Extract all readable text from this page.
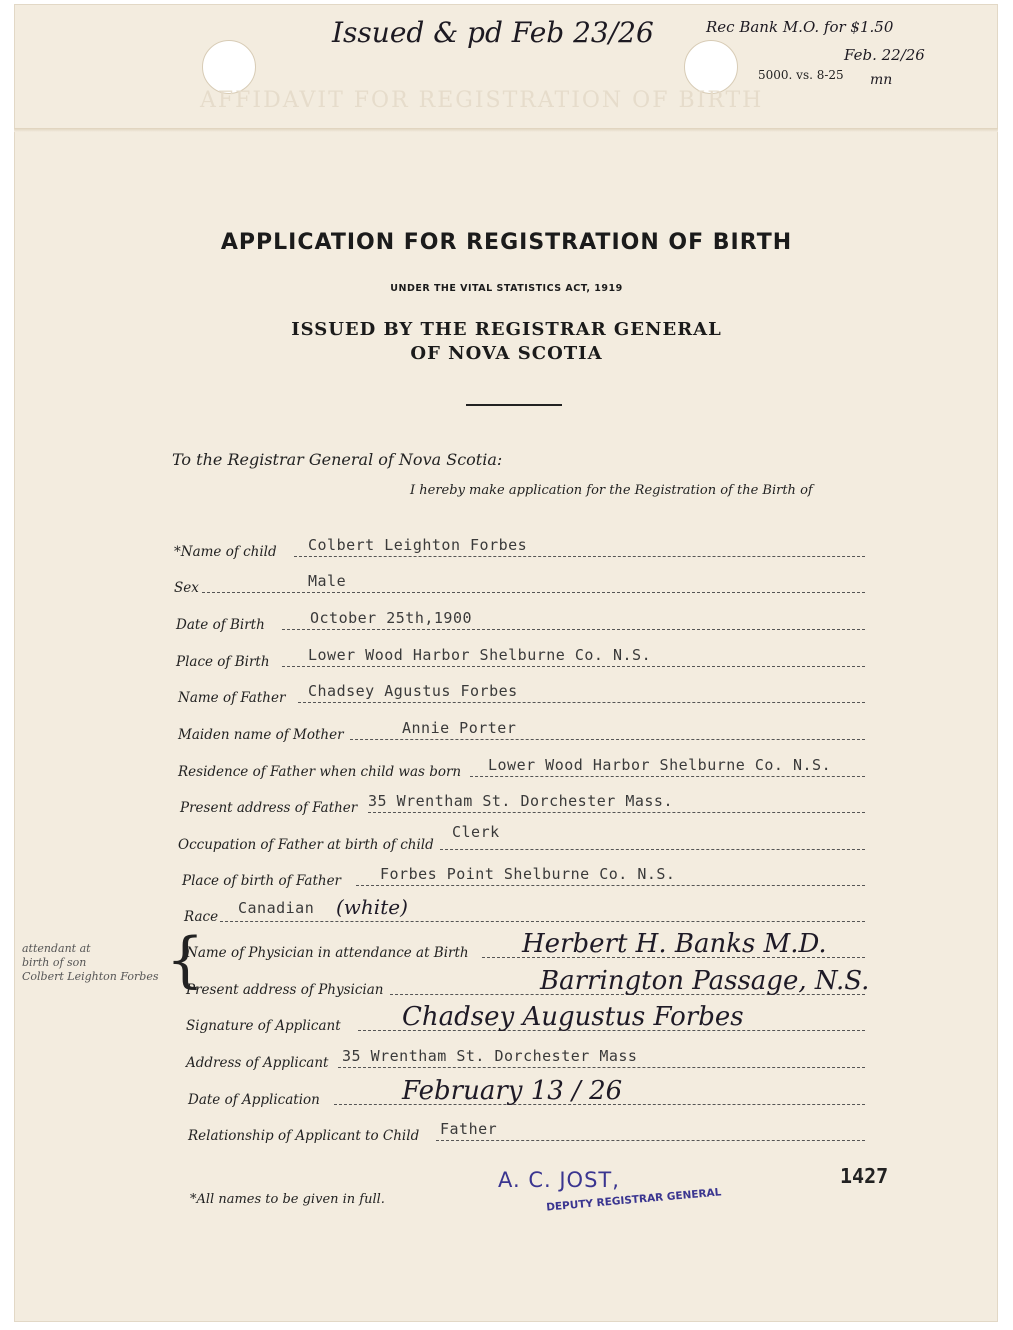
AFFIDAVIT FOR REGISTRATION OF BIRTH
Issued & pd Feb 23/26	Rec Bank M.O. for $1.50
Feb. 22/26
mn
5000. vs. 8-25
APPLICATION FOR REGISTRATION OF BIRTH
UNDER THE VITAL STATISTICS ACT, 1919
ISSUED BY THE REGISTRAR GENERAL
OF NOVA SCOTIA
To the Registrar General of Nova Scotia:
I hereby make application for the Registration of the Birth of
*Name of child Colbert Leighton Forbes
Sex	Male
Date of Birth	October 25th,1900
Place of Birth	Lower Wood Harbor Shelburne Co. N.S.
Name of Father Chadsey Agustus Forbes
Maiden name of Mother	Annie Porter
Residence of Father when child was born Lower Wood Harbor Shelburne Co. N.S.
Present address of Father 35 Wrentham St. Dorchester Mass.
Occupation of Father at birth of child
Clerk
Place of birth of Father	Forbes Point Shelburne Co. N.S.
Race Canadian (white)
{
attendant at
birth of son
Colbert Leighton Forbes
Name of Physician in attendance at Birth Herbert H. Banks M.D.
Present address of Physician	Barrington Passage, N.S.
Signature of Applicant Chadsey Augustus Forbes
Address of Applicant 35 Wrentham St. Dorchester Mass
Date of Application	February 13 / 26
Relationship of Applicant to Child Father
*All names to be given in full.
A. C. JOST,
DEPUTY REGISTRAR GENERAL
1427
